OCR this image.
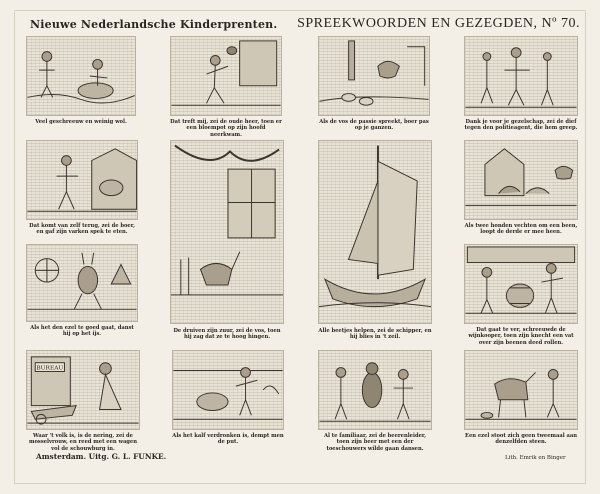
Nieuwe Nederlandsche Kinderprenten. SPREEKWOORDEN EN GEZEGDEN, Nº 70.
Veel geschreeuw en weinig wol.	Dat treft mij, zei de oude heer, toen er een bloempot op zijn hoofd neerkwam.
Als de vos de passie spreekt, boer pas op je ganzen.
Dank je voor je gezelschap, zei de dief tegen den politieagent, die hem greep.
Dat komt van zelf terug, zei de boer, en gaf zijn varken spek te eten.
De druiven zijn zuur, zei de vos, toen hij zag dat ze te hoog hingen.
Alle beetjes helpen, zei de schipper, en hij blies in 't zeil.
Als twee honden vechten om een been, loopt de derde er mee heen.
Als het den ezel te goed gaat, danst hij op het ijs.
Dat gaat te ver, schreeuwde de wijnkooper, toen zijn knecht een vat over zijn beenen deed rollen.
BUREAU
Waar 't volk is, is de nering, zei de mosselvrouw, en reed met een wagen vol de schouwburg in.
Als het kalf verdronken is, dempt men de put.
Al te familiaar, zei de beerenleider, toen zijn beer met een der toeschouwers wilde gaan dansen.
Een ezel stoot zich geen tweemaal aan denzelfden steen.
Amsterdam. Uitg. G. L. FUNKE.	Lith. Emrik en Binger
